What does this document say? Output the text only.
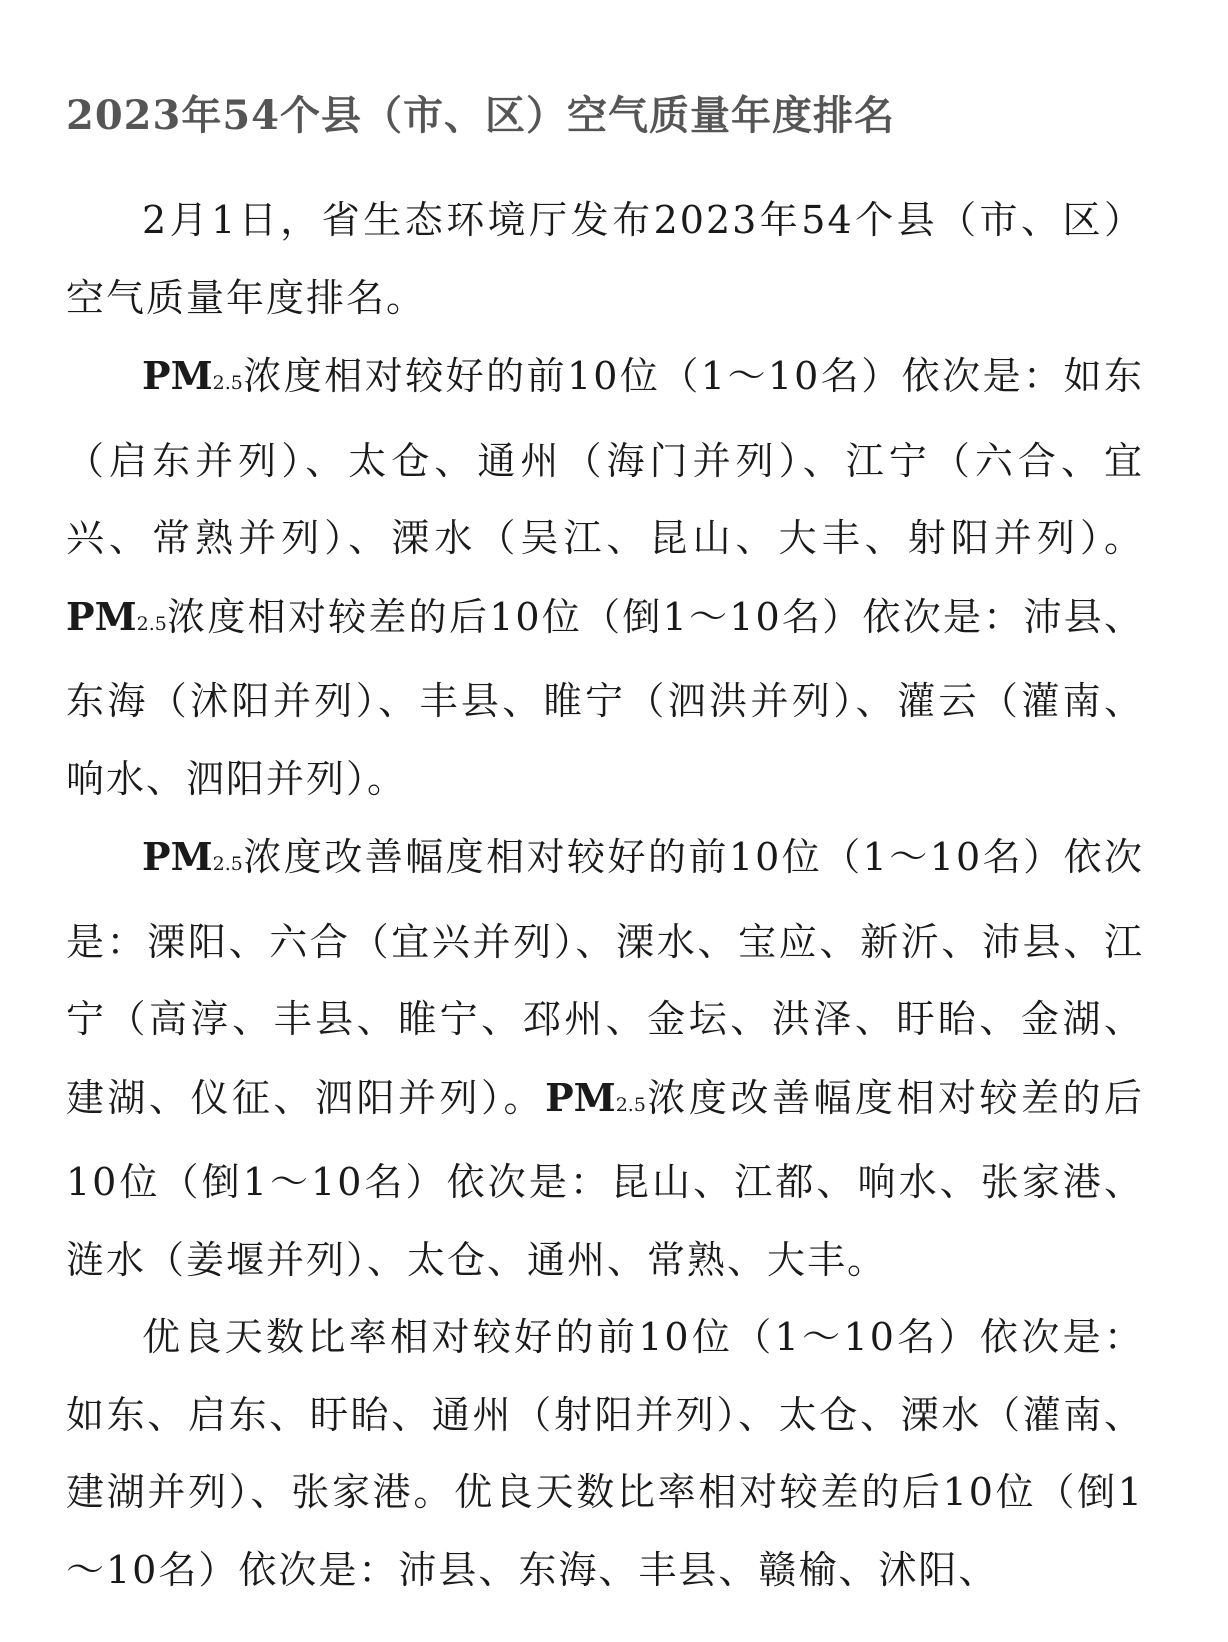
2023年54个县（市、区）空气质量年度排名

2月1日，省生态环境厅发布2023年54个县（市、区）空气质量年度排名。

PM2.5浓度相对较好的前10位（1～10名）依次是：如东（启东并列）、太仓、通州（海门并列）、江宁（六合、宜兴、常熟并列）、溧水（吴江、昆山、大丰、射阳并列）。PM2.5浓度相对较差的后10位（倒1～10名）依次是：沛县、东海（沭阳并列）、丰县、睢宁（泗洪并列）、灌云（灌南、响水、泗阳并列）。

PM2.5浓度改善幅度相对较好的前10位（1～10名）依次是：溧阳、六合（宜兴并列）、溧水、宝应、新沂、沛县、江宁（高淳、丰县、睢宁、邳州、金坛、洪泽、盱眙、金湖、建湖、仪征、泗阳并列）。PM2.5浓度改善幅度相对较差的后10位（倒1～10名）依次是：昆山、江都、响水、张家港、涟水（姜堰并列）、太仓、通州、常熟、大丰。

优良天数比率相对较好的前10位（1～10名）依次是：如东、启东、盱眙、通州（射阳并列）、太仓、溧水（灌南、建湖并列）、张家港。优良天数比率相对较差的后10位（倒1～10名）依次是：沛县、东海、丰县、赣榆、沭阳、
